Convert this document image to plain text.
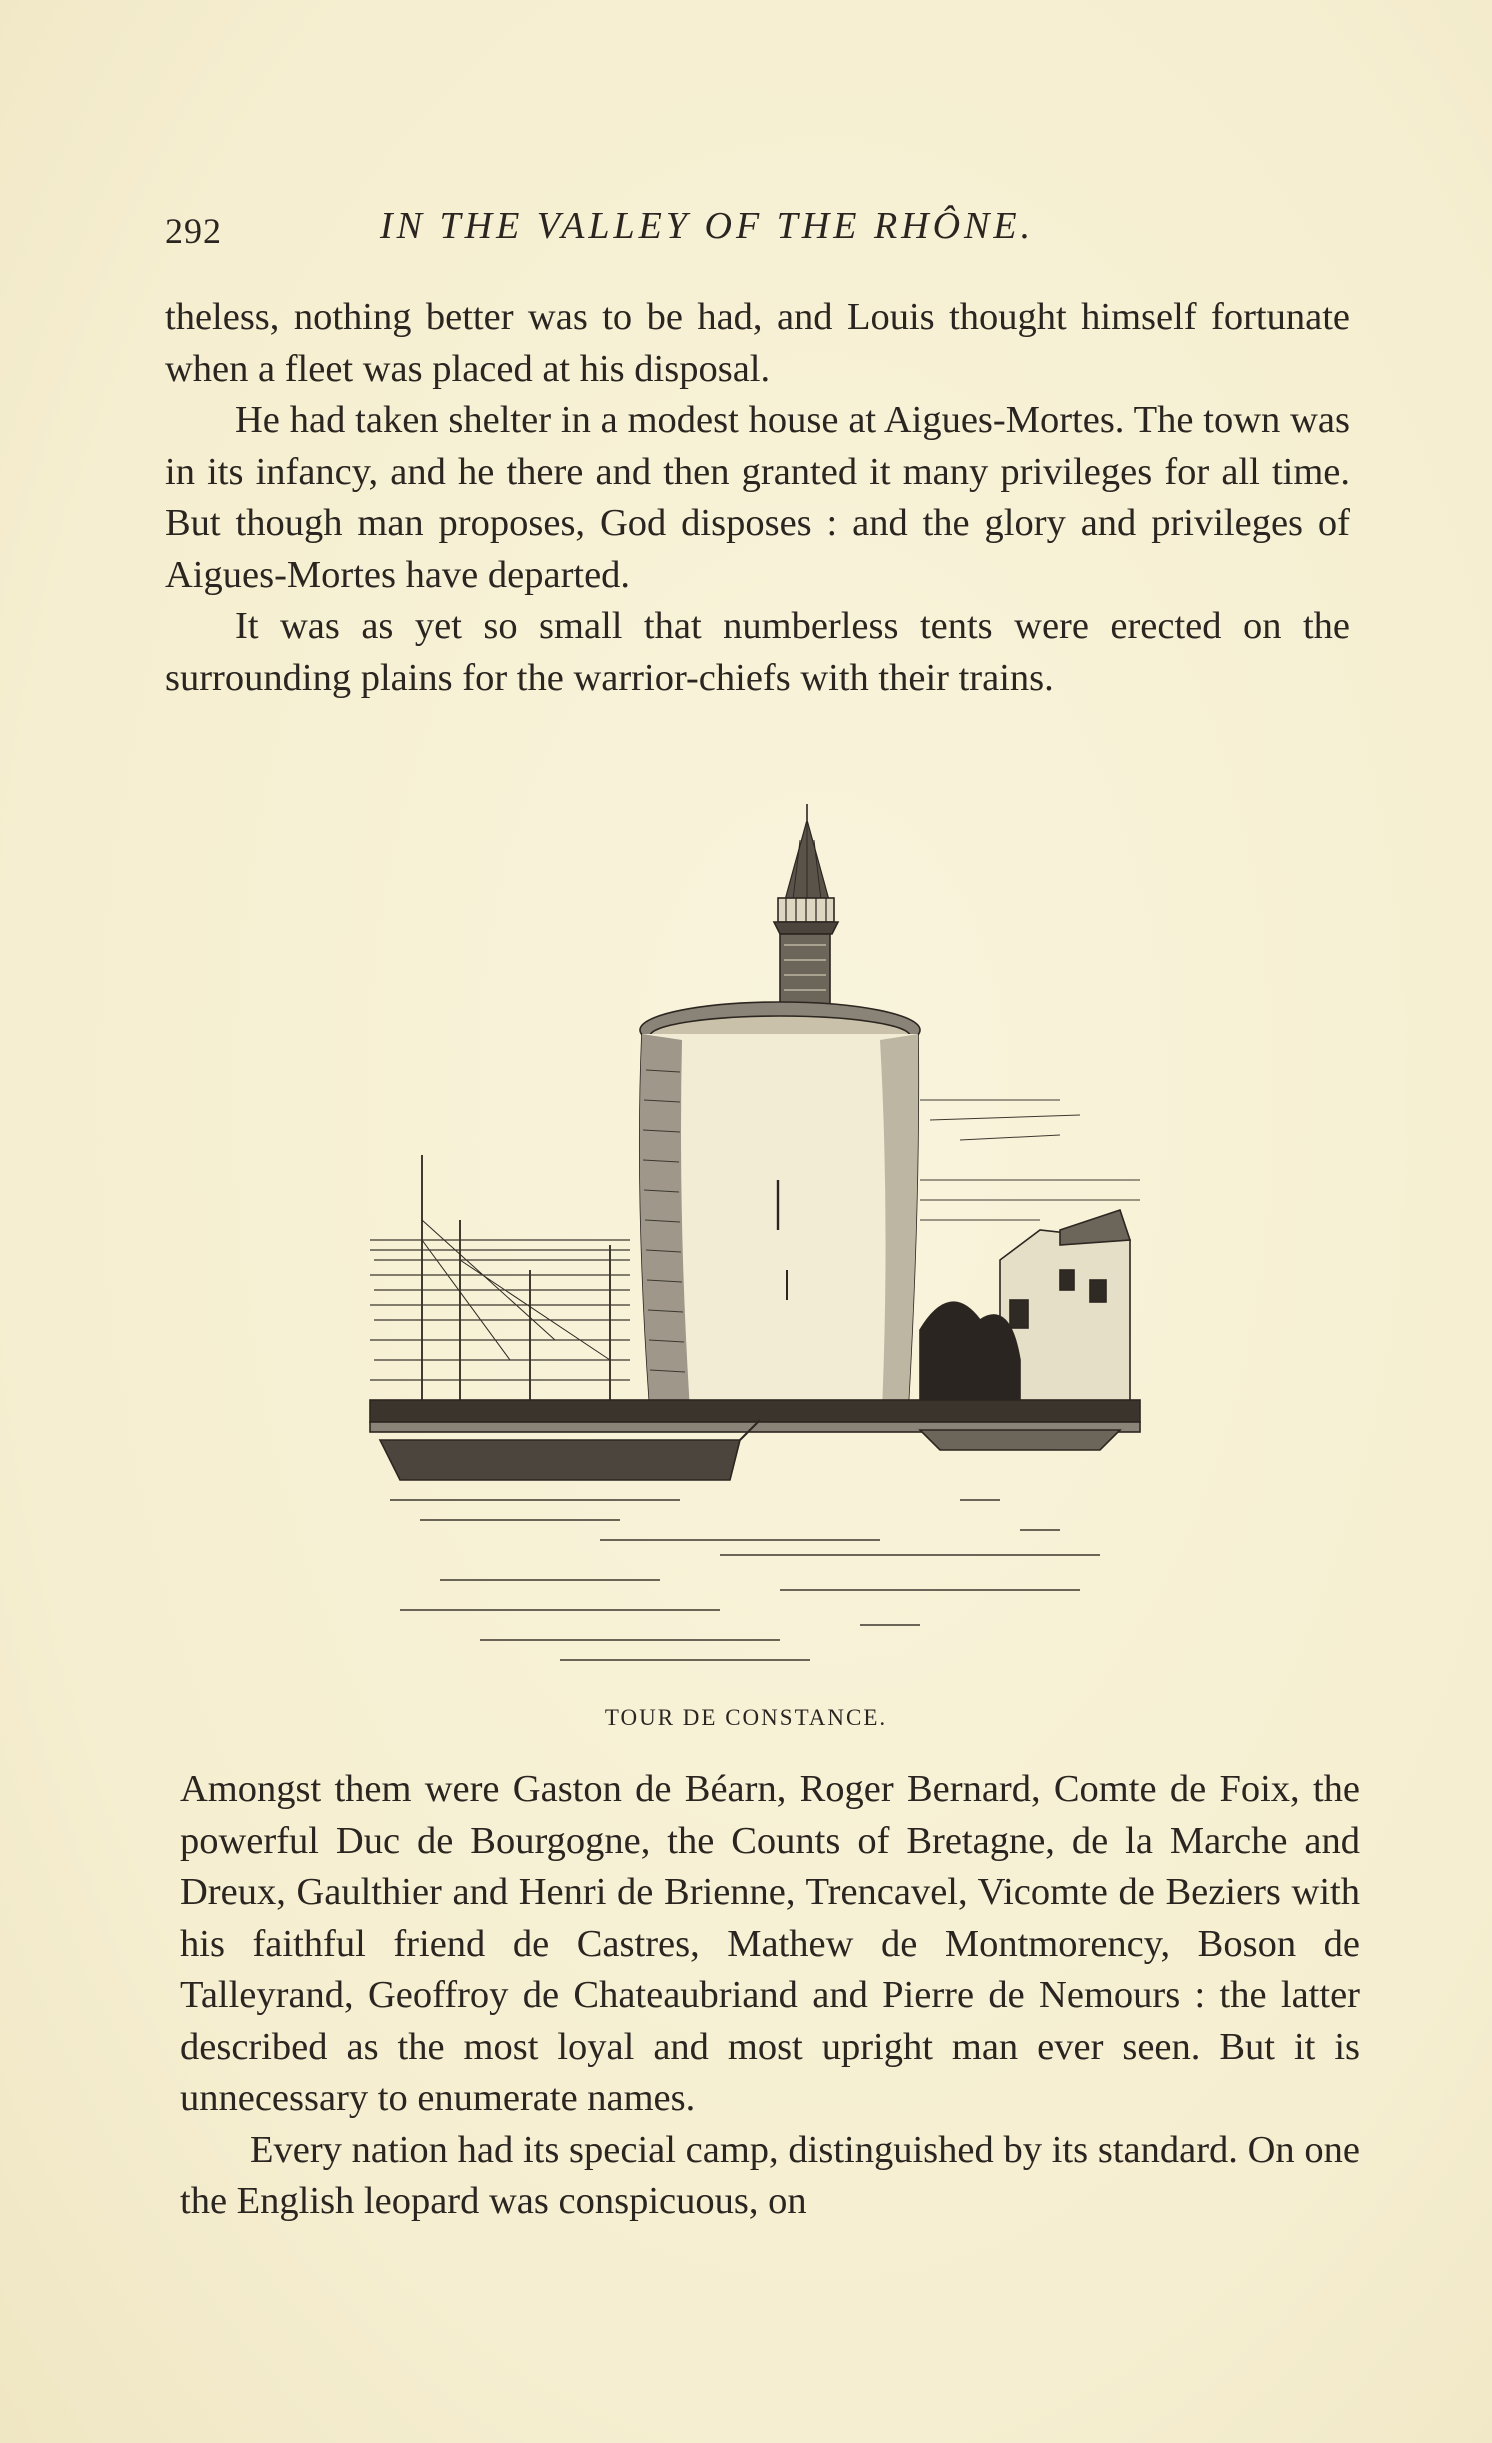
292	IN THE VALLEY OF THE RHÔNE.

theless, nothing better was to be had, and Louis thought himself fortunate when a fleet was placed at his disposal.

He had taken shelter in a modest house at Aigues-Mortes. The town was in its infancy, and he there and then granted it many privileges for all time. But though man proposes, God disposes : and the glory and privileges of Aigues-Mortes have departed.

It was as yet so small that numberless tents were erected on the surrounding plains for the warrior-chiefs with their trains.

TOUR DE CONSTANCE.

Amongst them were Gaston de Béarn, Roger Bernard, Comte de Foix, the powerful Duc de Bourgogne, the Counts of Bretagne, de la Marche and Dreux, Gaulthier and Henri de Brienne, Trencavel, Vicomte de Beziers with his faithful friend de Castres, Mathew de Montmorency, Boson de Talleyrand, Geoffroy de Chateaubriand and Pierre de Nemours : the latter described as the most loyal and most upright man ever seen. But it is unnecessary to enumerate names.

Every nation had its special camp, distinguished by its standard. On one the English leopard was conspicuous, on
